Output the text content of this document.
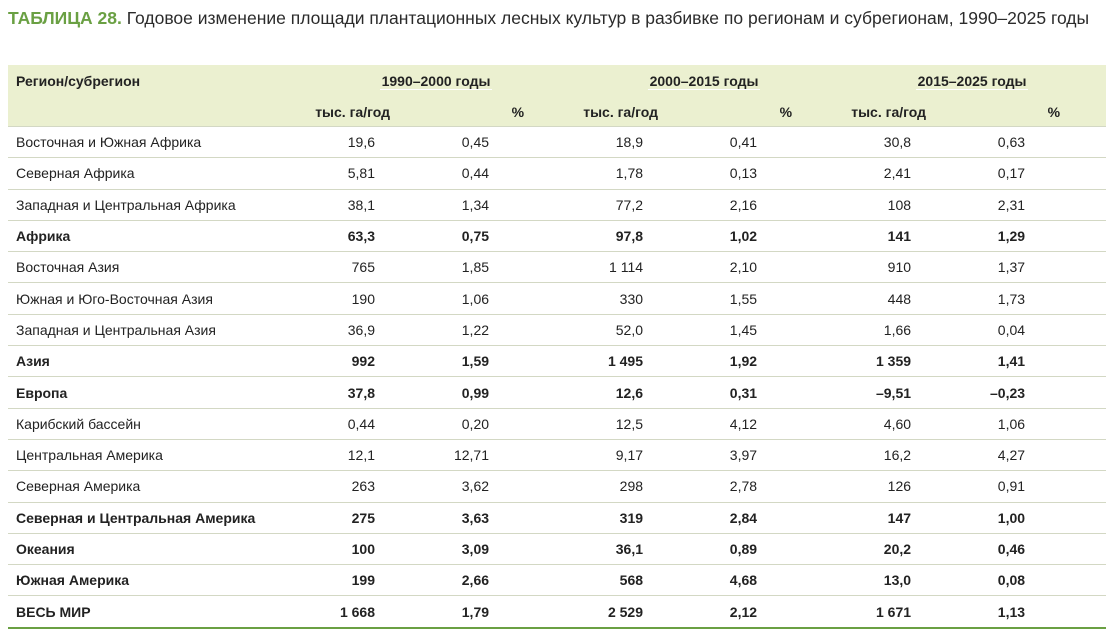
ТАБЛИЦА 28. Годовое изменение площади плантационных лесных культур в разбивке по регионам и субрегионам, 1990–2025 годы
Регион/субрегион	1990–2000 годы		2000–2015 годы		2015–2025 годы	
	тыс. га/год	%	тыс. га/год	%	тыс. га/год	%
Восточная и Южная Африка	19,6	0,45	18,9	0,41	30,8	0,63
Северная Африка	5,81	0,44	1,78	0,13	2,41	0,17
Западная и Центральная Африка	38,1	1,34	77,2	2,16	108	2,31
Африка	63,3	0,75	97,8	1,02	141	1,29
Восточная Азия	765	1,85	1 114	2,10	910	1,37
Южная и Юго-Восточная Азия	190	1,06	330	1,55	448	1,73
Западная и Центральная Азия	36,9	1,22	52,0	1,45	1,66	0,04
Азия	992	1,59	1 495	1,92	1 359	1,41
Европа	37,8	0,99	12,6	0,31	–9,51	–0,23
Карибский бассейн	0,44	0,20	12,5	4,12	4,60	1,06
Центральная Америка	12,1	12,71	9,17	3,97	16,2	4,27
Северная Америка	263	3,62	298	2,78	126	0,91
Северная и Центральная Америка	275	3,63	319	2,84	147	1,00
Океания	100	3,09	36,1	0,89	20,2	0,46
Южная Америка	199	2,66	568	4,68	13,0	0,08
ВЕСЬ МИР	1 668	1,79	2 529	2,12	1 671	1,13
